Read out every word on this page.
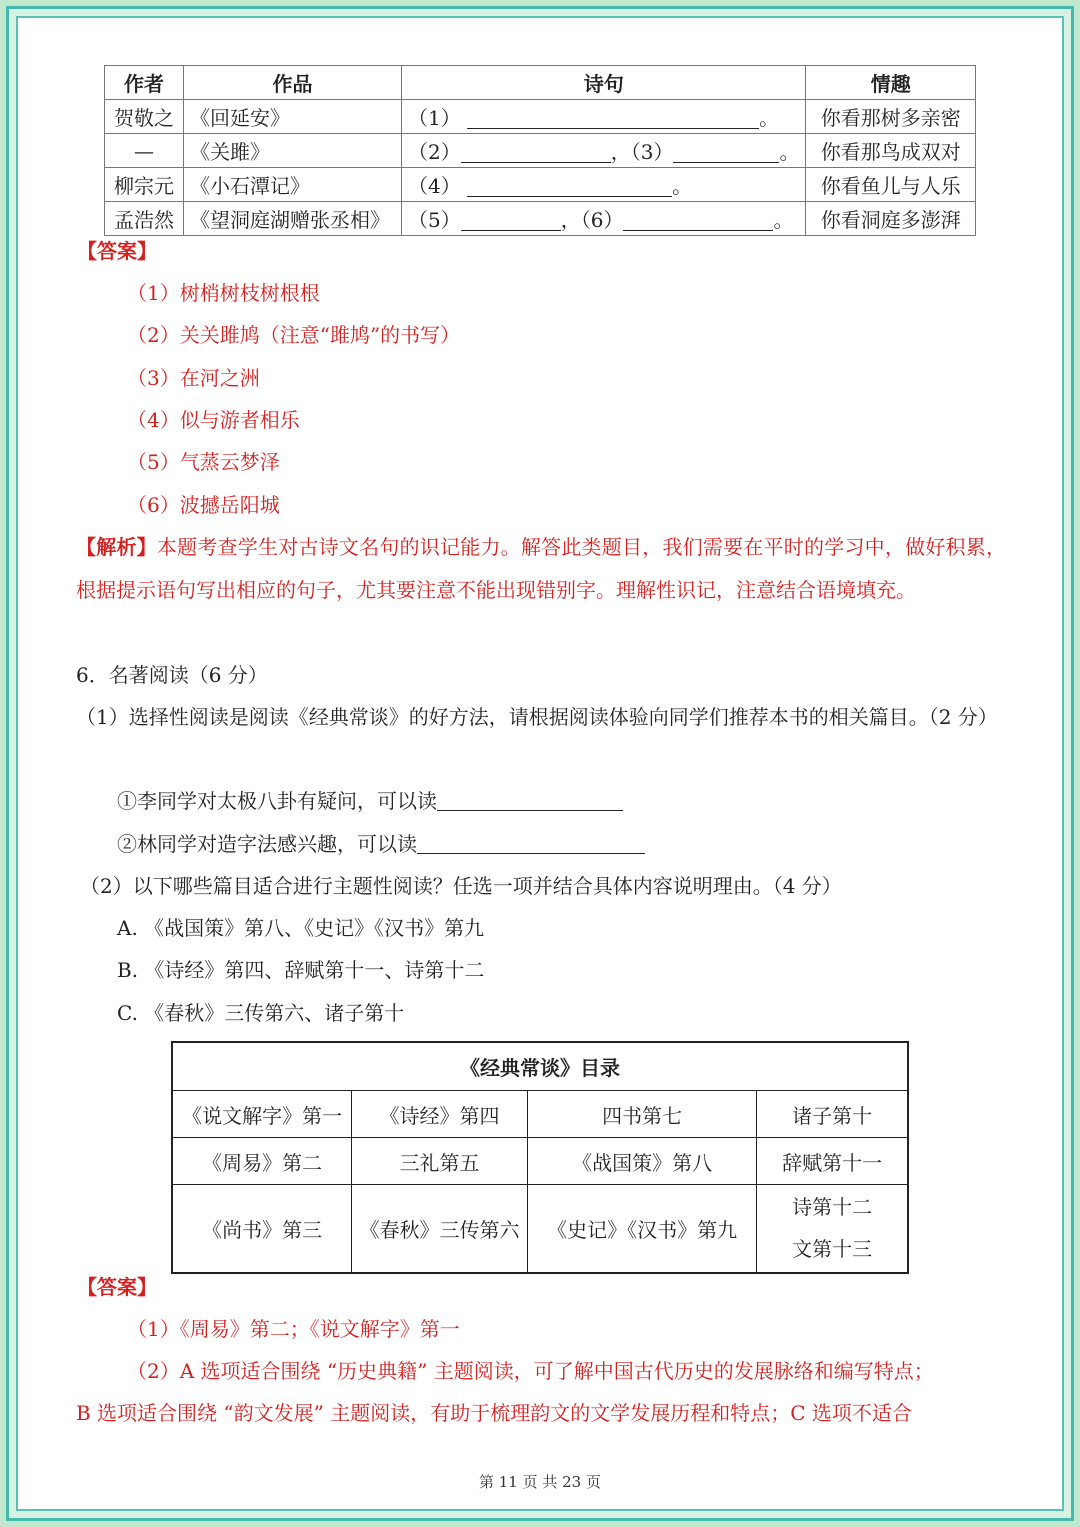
作者	作品	诗句	情趣
贺敬之	《回延安》	（1） 。	你看那树多亲密
—	《关雎》	（2） ，（3） 。	你看那鸟成双对
柳宗元	《小石潭记》	（4） 。	你看鱼儿与人乐
孟浩然	《望洞庭湖赠张丞相》	（5） ，（6） 。	你看洞庭多澎湃
【答案】
（1）树梢树枝树根根
（2）关关雎鸠（注意“雎鸠”的书写）
（3）在河之洲
（4）似与游者相乐
（5）气蒸云梦泽
（6）波撼岳阳城
【解析】本题考查学生对古诗文名句的识记能力。解答此类题目，我们需要在平时的学习中，做好积累，根据提示语句写出相应的句子，尤其要注意不能出现错别字。理解性识记，注意结合语境填充。
6．名著阅读（6 分）
（1）选择性阅读是阅读《经典常谈》的好方法，请根据阅读体验向同学们推荐本书的相关篇目。（2 分）
①李同学对太极八卦有疑问，可以读
②林同学对造字法感兴趣，可以读
（2）以下哪些篇目适合进行主题性阅读？任选一项并结合具体内容说明理由。（4 分）
A. 《战国策》第八、《史记》《汉书》第九
B. 《诗经》第四、辞赋第十一、诗第十二
C. 《春秋》三传第六、诸子第十
《经典常谈》目录			
《说文解字》第一	《诗经》第四	四书第七	诸子第十
《周易》第二	三礼第五	《战国策》第八	辞赋第十一
《尚书》第三	《春秋》三传第六	《史记》《汉书》第九	诗第十二
文第十三
【答案】
（1）《周易》第二；《说文解字》第一
（2）A 选项适合围绕 “历史典籍” 主题阅读，可了解中国古代历史的发展脉络和编写特点；
B 选项适合围绕 “韵文发展” 主题阅读，有助于梳理韵文的文学发展历程和特点；C 选项不适合
第 11 页 共 23 页
